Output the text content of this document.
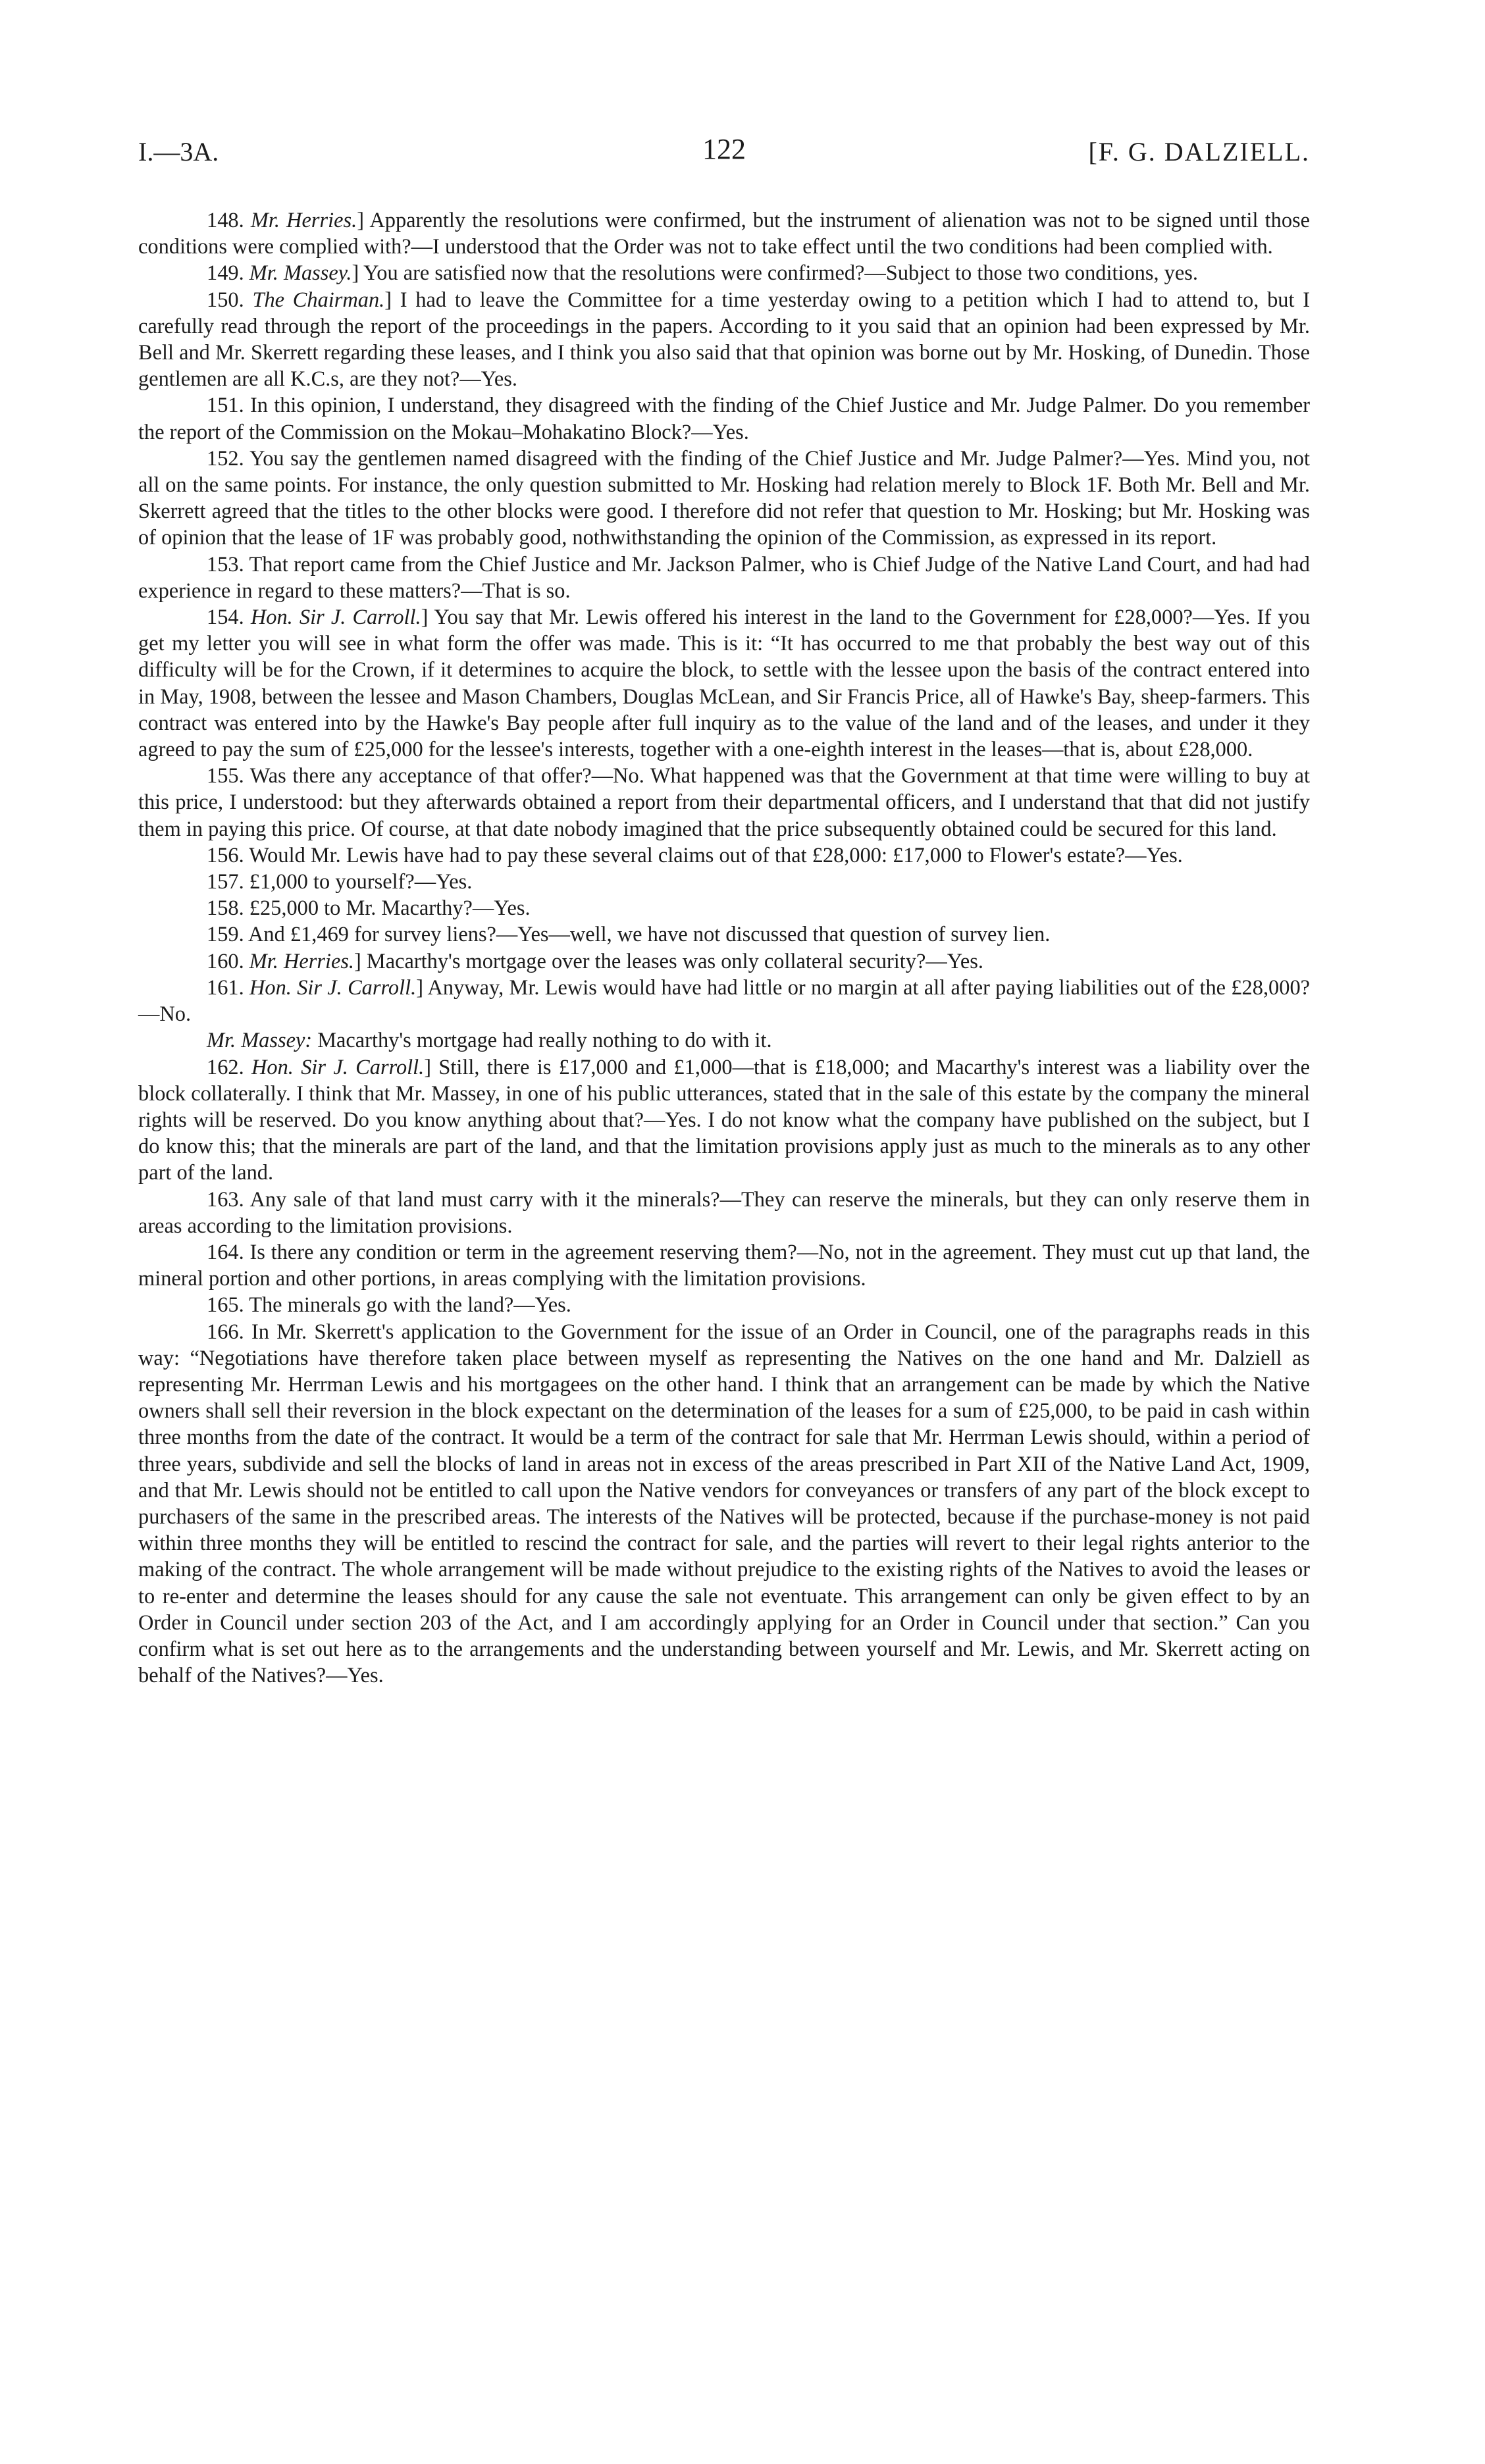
I.—3A.	122	[F. G. DALZIELL.

148. Mr. Herries.] Apparently the resolutions were confirmed, but the instrument of alienation was not to be signed until those conditions were complied with?—I understood that the Order was not to take effect until the two conditions had been complied with.

149. Mr. Massey.] You are satisfied now that the resolutions were confirmed?—Subject to those two conditions, yes.

150. The Chairman.] I had to leave the Committee for a time yesterday owing to a petition which I had to attend to, but I carefully read through the report of the proceedings in the papers. According to it you said that an opinion had been expressed by Mr. Bell and Mr. Skerrett regarding these leases, and I think you also said that that opinion was borne out by Mr. Hosking, of Dunedin. Those gentlemen are all K.C.s, are they not?—Yes.

151. In this opinion, I understand, they disagreed with the finding of the Chief Justice and Mr. Judge Palmer. Do you remember the report of the Commission on the Mokau–Mohakatino Block?—Yes.

152. You say the gentlemen named disagreed with the finding of the Chief Justice and Mr. Judge Palmer?—Yes. Mind you, not all on the same points. For instance, the only question submitted to Mr. Hosking had relation merely to Block 1F. Both Mr. Bell and Mr. Skerrett agreed that the titles to the other blocks were good. I therefore did not refer that question to Mr. Hosking; but Mr. Hosking was of opinion that the lease of 1F was probably good, nothwithstanding the opinion of the Commission, as expressed in its report.

153. That report came from the Chief Justice and Mr. Jackson Palmer, who is Chief Judge of the Native Land Court, and had had experience in regard to these matters?—That is so.

154. Hon. Sir J. Carroll.] You say that Mr. Lewis offered his interest in the land to the Government for £28,000?—Yes. If you get my letter you will see in what form the offer was made. This is it: “It has occurred to me that probably the best way out of this difficulty will be for the Crown, if it determines to acquire the block, to settle with the lessee upon the basis of the contract entered into in May, 1908, between the lessee and Mason Chambers, Douglas McLean, and Sir Francis Price, all of Hawke's Bay, sheep-farmers. This contract was entered into by the Hawke's Bay people after full inquiry as to the value of the land and of the leases, and under it they agreed to pay the sum of £25,000 for the lessee's interests, together with a one-eighth interest in the leases—that is, about £28,000.

155. Was there any acceptance of that offer?—No. What happened was that the Government at that time were willing to buy at this price, I understood: but they afterwards obtained a report from their departmental officers, and I understand that that did not justify them in paying this price. Of course, at that date nobody imagined that the price subsequently obtained could be secured for this land.

156. Would Mr. Lewis have had to pay these several claims out of that £28,000: £17,000 to Flower's estate?—Yes.

157. £1,000 to yourself?—Yes.

158. £25,000 to Mr. Macarthy?—Yes.

159. And £1,469 for survey liens?—Yes—well, we have not discussed that question of survey lien.

160. Mr. Herries.] Macarthy's mortgage over the leases was only collateral security?—Yes.

161. Hon. Sir J. Carroll.] Anyway, Mr. Lewis would have had little or no margin at all after paying liabilities out of the £28,000?—No.

Mr. Massey: Macarthy's mortgage had really nothing to do with it.

162. Hon. Sir J. Carroll.] Still, there is £17,000 and £1,000—that is £18,000; and Macarthy's interest was a liability over the block collaterally. I think that Mr. Massey, in one of his public utterances, stated that in the sale of this estate by the company the mineral rights will be reserved. Do you know anything about that?—Yes. I do not know what the company have published on the subject, but I do know this; that the minerals are part of the land, and that the limitation provisions apply just as much to the minerals as to any other part of the land.

163. Any sale of that land must carry with it the minerals?—They can reserve the minerals, but they can only reserve them in areas according to the limitation provisions.

164. Is there any condition or term in the agreement reserving them?—No, not in the agreement. They must cut up that land, the mineral portion and other portions, in areas complying with the limitation provisions.

165. The minerals go with the land?—Yes.

166. In Mr. Skerrett's application to the Government for the issue of an Order in Council, one of the paragraphs reads in this way: “Negotiations have therefore taken place between myself as representing the Natives on the one hand and Mr. Dalziell as representing Mr. Herrman Lewis and his mortgagees on the other hand. I think that an arrangement can be made by which the Native owners shall sell their reversion in the block expectant on the determination of the leases for a sum of £25,000, to be paid in cash within three months from the date of the contract. It would be a term of the contract for sale that Mr. Herrman Lewis should, within a period of three years, subdivide and sell the blocks of land in areas not in excess of the areas prescribed in Part XII of the Native Land Act, 1909, and that Mr. Lewis should not be entitled to call upon the Native vendors for conveyances or transfers of any part of the block except to purchasers of the same in the prescribed areas. The interests of the Natives will be protected, because if the purchase-money is not paid within three months they will be entitled to rescind the contract for sale, and the parties will revert to their legal rights anterior to the making of the contract. The whole arrangement will be made without prejudice to the existing rights of the Natives to avoid the leases or to re-enter and determine the leases should for any cause the sale not eventuate. This arrangement can only be given effect to by an Order in Council under section 203 of the Act, and I am accordingly applying for an Order in Council under that section.” Can you confirm what is set out here as to the arrangements and the understanding between yourself and Mr. Lewis, and Mr. Skerrett acting on behalf of the Natives?—Yes.
